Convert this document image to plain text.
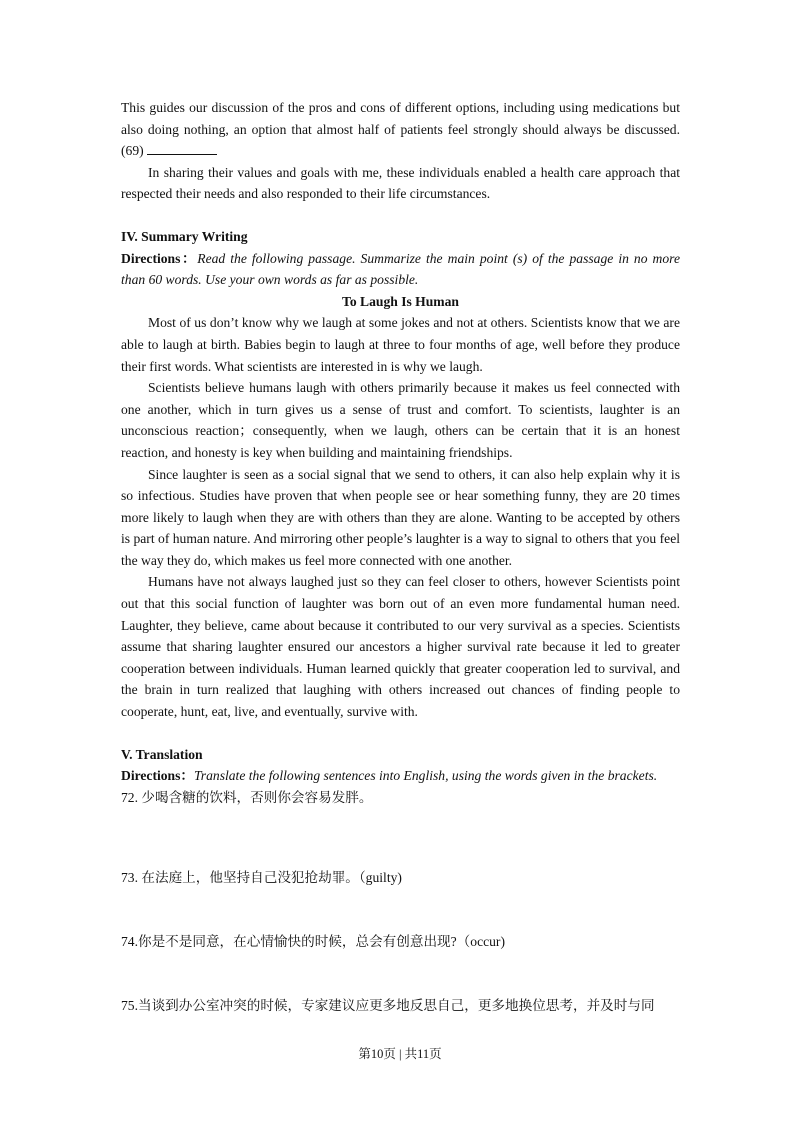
This guides our discussion of the pros and cons of different options, including using medications but also doing nothing, an option that almost half of patients feel strongly should always be discussed. (69)

In sharing their values and goals with me, these individuals enabled a health care approach that respected their needs and also responded to their life circumstances.

IV. Summary Writing

Directions：Read the following passage. Summarize the main point (s) of the passage in no more than 60 words. Use your own words as far as possible.

To Laugh Is Human

Most of us don’t know why we laugh at some jokes and not at others. Scientists know that we are able to laugh at birth. Babies begin to laugh at three to four months of age, well before they produce their first words. What scientists are interested in is why we laugh.

Scientists believe humans laugh with others primarily because it makes us feel connected with one another, which in turn gives us a sense of trust and comfort. To scientists, laughter is an unconscious reaction；consequently, when we laugh, others can be certain that it is an honest reaction, and honesty is key when building and maintaining friendships.

Since laughter is seen as a social signal that we send to others, it can also help explain why it is so infectious. Studies have proven that when people see or hear something funny, they are 20 times more likely to laugh when they are with others than they are alone. Wanting to be accepted by others is part of human nature. And mirroring other people’s laughter is a way to signal to others that you feel the way they do, which makes us feel more connected with one another.

Humans have not always laughed just so they can feel closer to others, however Scientists point out that this social function of laughter was born out of an even more fundamental human need. Laughter, they believe, came about because it contributed to our very survival as a species. Scientists assume that sharing laughter ensured our ancestors a higher survival rate because it led to greater cooperation between individuals. Human learned quickly that greater cooperation led to survival, and the brain in turn realized that laughing with others increased out chances of finding people to cooperate, hunt, eat, live, and eventually, survive with.

V. Translation

Directions：Translate the following sentences into English, using the words given in the brackets.

72. 少喝含糖的饮料，否则你会容易发胖。

73. 在法庭上，他坚持自己没犯抢劫罪。（guilty)

74.你是不是同意，在心情愉快的时候，总会有创意出现?（occur)

75.当谈到办公室冲突的时候，专家建议应更多地反思自己，更多地换位思考，并及时与同

第10页 | 共11页
